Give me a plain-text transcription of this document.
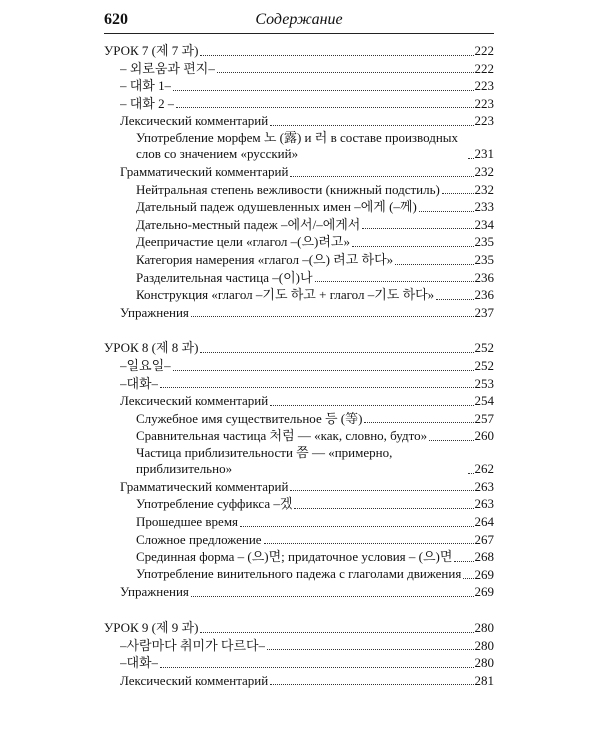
620	Содержание
УРОК 7 (제 7 과)	222
– 외로움과 편지–	222
– 대화 1–	223
– 대화 2 –	223
Лексический комментарий	223
Употребление морфем 노 (露) и 러 в составе производных слов со значением «русский»	231
Грамматический комментарий	232
Нейтральная степень вежливости (книжный подстиль)	232
Дательный падеж одушевленных имен –에게 (–께)	233
Дательно-местный падеж –에서/–에게서	234
Деепричастие цели «глагол –(으)려고»	235
Категория намерения «глагол –(으) 려고 하다»	235
Разделительная частица –(이)나	236
Конструкция «глагол –기도 하고 + глагол –기도 하다»	236
Упражнения	237
УРОК 8 (제 8 과)	252
–일요일–	252
–대화–	253
Лексический комментарий	254
Служебное имя существительное 등 (等)	257
Сравнительная частица 처럼 — «как, словно, будто»	260
Частица приблизительности 쯤 — «примерно, приблизительно»	262
Грамматический комментарий	263
Употребление суффикса –겠	263
Прошедшее время	264
Сложное предложение	267
Срединная форма – (으)면; придаточное условия – (으)면 268
Употребление винительного падежа с глаголами движения 269
Упражнения	269
УРОК 9 (제 9 과)	280
–사람마다 취미가 다르다–	280
–대화–	280
Лексический комментарий	281
